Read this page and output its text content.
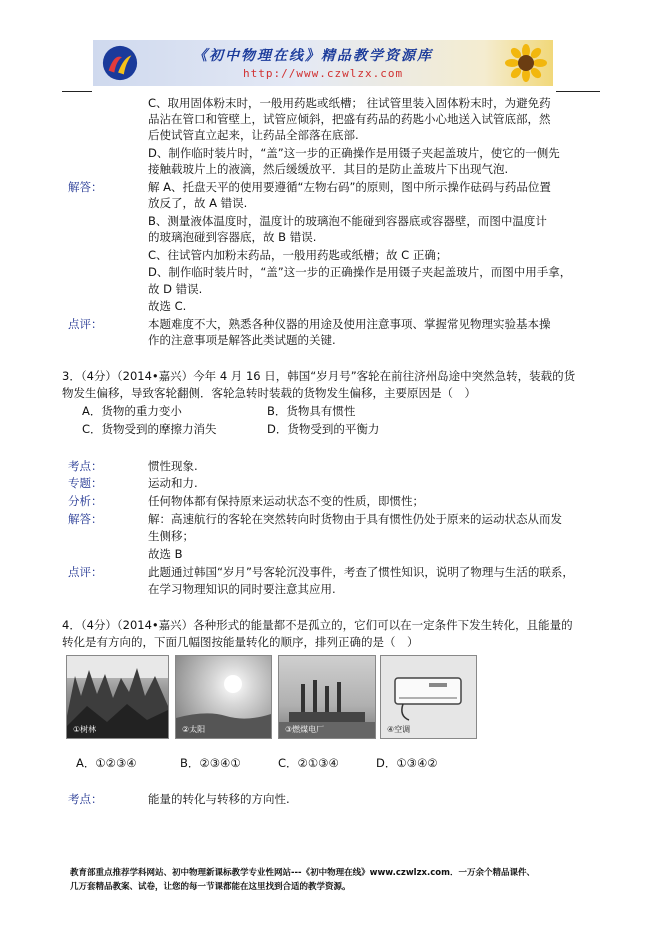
《初中物理在线》精品教学资源库
http://www.czwlzx.com
C、取用固体粉末时，一般用药匙或纸槽； 往试管里装入固体粉末时，为避免药
品沾在管口和管壁上，试管应倾斜，把盛有药品的药匙小心地送入试管底部，然
后使试管直立起来，让药品全部落在底部.
D、制作临时装片时，“盖”这一步的正确操作是用镊子夹起盖玻片，使它的一侧先
接触载玻片上的液滴，然后缓缓放平．其目的是防止盖玻片下出现气泡.
解答：	解 A、托盘天平的使用要遵循“左物右码”的原则，图中所示操作砝码与药品位置
放反了，故 A 错误.
B、测量液体温度时，温度计的玻璃泡不能碰到容器底或容器壁，而图中温度计
的玻璃泡碰到容器底，故 B 错误.
C、往试管内加粉末药品，一般用药匙或纸槽；故 C 正确；
D、制作临时装片时，“盖”这一步的正确操作是用镊子夹起盖玻片，而图中用手拿，
故 D 错误.
故选 C.
点评：	本题难度不大，熟悉各种仪器的用途及使用注意事项、掌握常见物理实验基本操
作的注意事项是解答此类试题的关键.
3．（4分）（2014•嘉兴）今年 4 月 16 日，韩国“岁月号”客轮在前往济州岛途中突然急转，装载的货
物发生偏移，导致客轮翻侧．客轮急转时装载的货物发生偏移，主要原因是（　）
A．货物的重力变小	B．货物具有惯性
C．货物受到的摩擦力消失	D．货物受到的平衡力
考点：	惯性现象.
专题：	运动和力.
分析：	任何物体都有保持原来运动状态不变的性质，即惯性；
解答：	解：高速航行的客轮在突然转向时货物由于具有惯性仍处于原来的运动状态从而发
生侧移；
故选 B
点评：	此题通过韩国“岁月”号客轮沉没事件，考查了惯性知识，说明了物理与生活的联系，
在学习物理知识的同时要注意其应用.
4．（4分）（2014•嘉兴）各种形式的能量都不是孤立的，它们可以在一定条件下发生转化，且能量的
转化是有方向的，下面几幅图按能量转化的顺序，排列正确的是（　）
①树林	②太阳	③燃煤电厂	④空调
A．①②③④	B．②③④①	C．②①③④	D．①③④②
考点：	能量的转化与转移的方向性.
教育部重点推荐学科网站、初中物理新课标教学专业性网站---《初中物理在线》www.czwlzx.com．一万余个精品课件、
几万套精品教案、试卷，让您的每一节课都能在这里找到合适的教学资源。
